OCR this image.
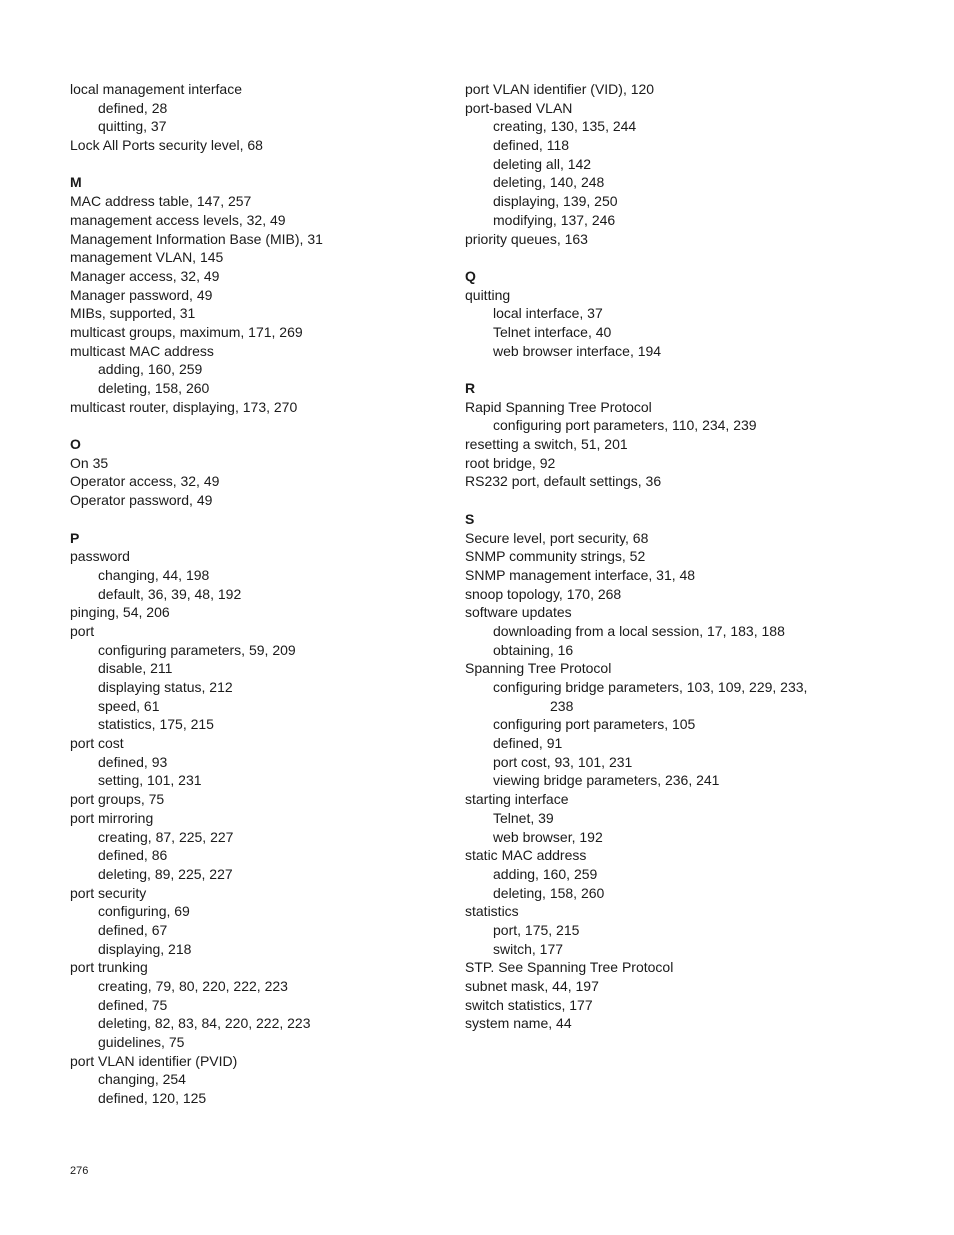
local management interface
defined, 28
quitting, 37
Lock All Ports security level, 68
M
MAC address table, 147, 257
management access levels, 32, 49
Management Information Base (MIB), 31
management VLAN, 145
Manager access, 32, 49
Manager password, 49
MIBs, supported, 31
multicast groups, maximum, 171, 269
multicast MAC address
adding, 160, 259
deleting, 158, 260
multicast router, displaying, 173, 270
O
On 35
Operator access, 32, 49
Operator password, 49
P
password
changing, 44, 198
default, 36, 39, 48, 192
pinging, 54, 206
port
configuring parameters, 59, 209
disable, 211
displaying status, 212
speed, 61
statistics, 175, 215
port cost
defined, 93
setting, 101, 231
port groups, 75
port mirroring
creating, 87, 225, 227
defined, 86
deleting, 89, 225, 227
port security
configuring, 69
defined, 67
displaying, 218
port trunking
creating, 79, 80, 220, 222, 223
defined, 75
deleting, 82, 83, 84, 220, 222, 223
guidelines, 75
port VLAN identifier (PVID)
changing, 254
defined, 120, 125
port VLAN identifier (VID), 120
port-based VLAN
creating, 130, 135, 244
defined, 118
deleting all, 142
deleting, 140, 248
displaying, 139, 250
modifying, 137, 246
priority queues, 163
Q
quitting
local interface, 37
Telnet interface, 40
web browser interface, 194
R
Rapid Spanning Tree Protocol
configuring port parameters, 110, 234, 239
resetting a switch, 51, 201
root bridge, 92
RS232 port, default settings, 36
S
Secure level, port security, 68
SNMP community strings, 52
SNMP management interface, 31, 48
snoop topology, 170, 268
software updates
downloading from a local session, 17, 183, 188
obtaining, 16
Spanning Tree Protocol
configuring bridge parameters, 103, 109, 229, 233,
238
configuring port parameters, 105
defined, 91
port cost, 93, 101, 231
viewing bridge parameters, 236, 241
starting interface
Telnet, 39
web browser, 192
static MAC address
adding, 160, 259
deleting, 158, 260
statistics
port, 175, 215
switch, 177
STP. See Spanning Tree Protocol
subnet mask, 44, 197
switch statistics, 177
system name, 44
276
